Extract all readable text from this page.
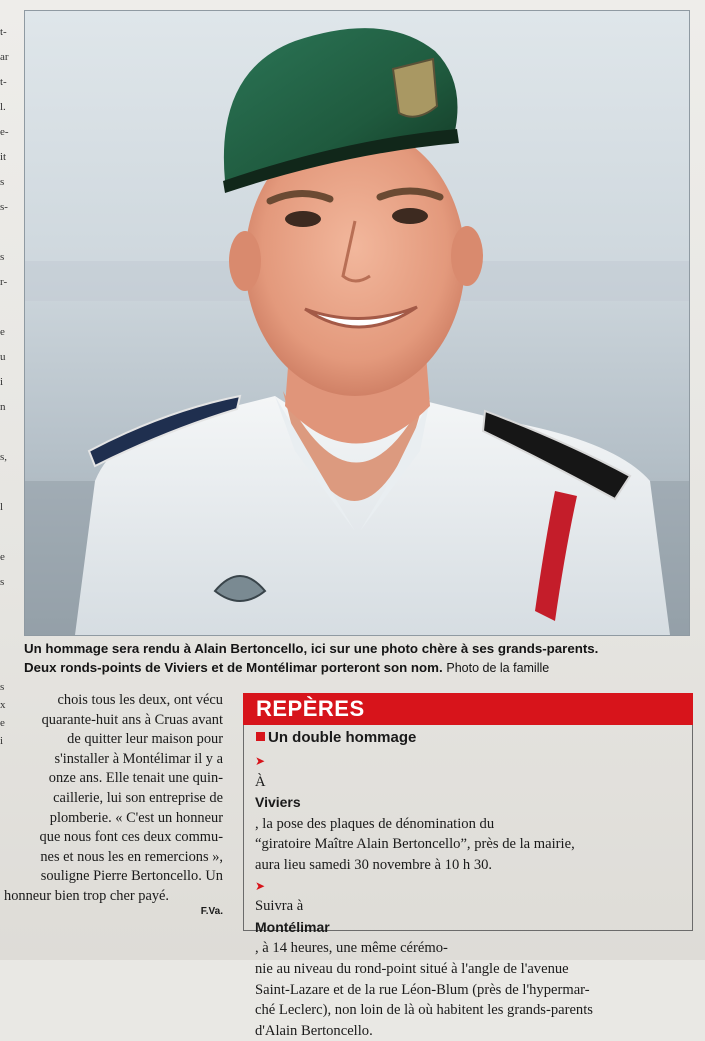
t-
ar
t-
l.
e-
it
s
s-

s
r-

e
u
i
n

s,

l

e
s
s
x
e
i
Un hommage sera rendu à Alain Bertoncello, ici sur une photo chère à ses grands-parents.
Deux ronds-points de Viviers et de Montélimar porteront son nom. Photo de la famille
chois tous les deux, ont vécu
quarante-huit ans à Cruas avant
de quitter leur maison pour
s'installer à Montélimar il y a
onze ans. Elle tenait une quin-
caillerie, lui son entreprise de
plomberie. « C'est un honneur
que nous font ces deux commu-
nes et nous les en remercions »,
souligne Pierre Bertoncello. Un
honneur bien trop cher payé.
F.Va.
REPÈRES
Un double hommage
➤
À
Viviers
, la pose des plaques de dénomination du
“giratoire Maître Alain Bertoncello”, près de la mairie,
aura lieu samedi 30 novembre à 10 h 30.
➤
Suivra à
Montélimar
, à 14 heures, une même cérémo-
nie au niveau du rond-point situé à l'angle de l'avenue
Saint-Lazare et de la rue Léon-Blum (près de l'hypermar-
ché Leclerc), non loin de là où habitent les grands-parents
d'Alain Bertoncello.
